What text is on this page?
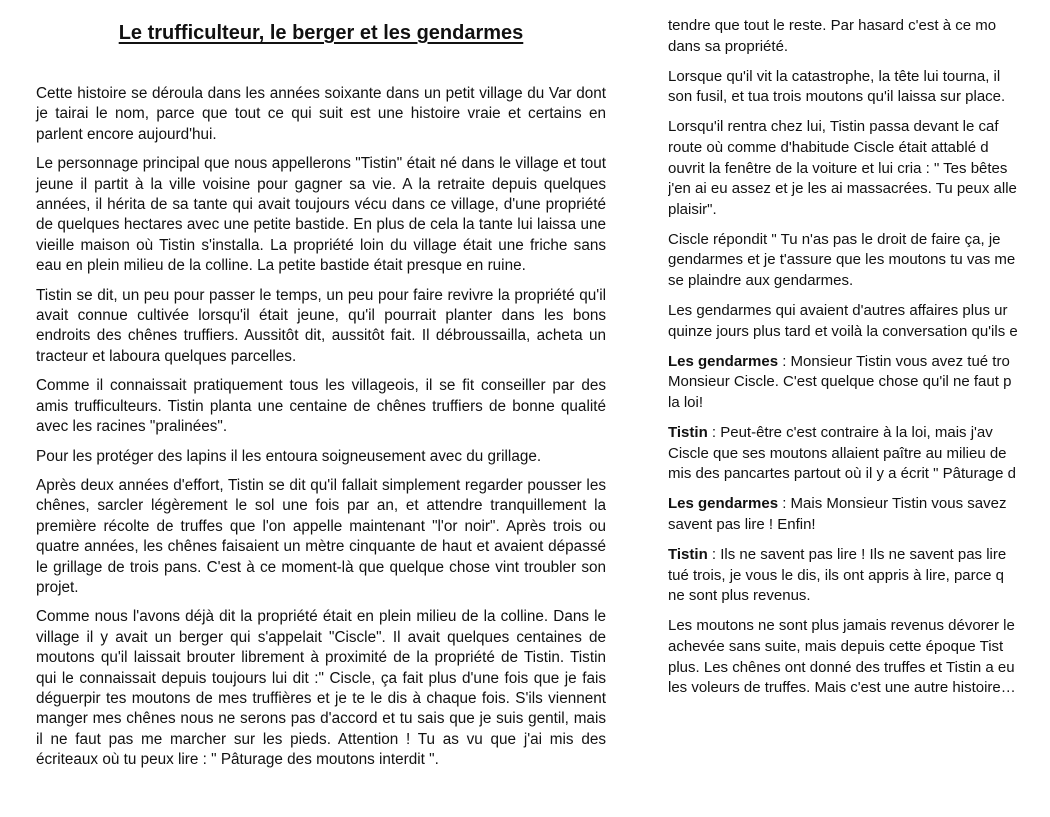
Le trufficulteur, le berger et les gendarmes

Cette histoire se déroula dans les années soixante dans un petit village du Var dont je tairai le nom, parce que tout ce qui suit est une histoire vraie et certains en parlent encore aujourd'hui.

Le personnage principal que nous appellerons "Tistin" était né dans le village et tout jeune il partit à la ville voisine pour gagner sa vie. A la retraite depuis quelques années, il hérita de sa tante qui avait toujours vécu dans ce village, d'une propriété de quelques hectares avec une petite bastide. En plus de cela la tante lui laissa une vieille maison où Tistin s'installa. La propriété loin du village était une friche sans eau en plein milieu de la colline. La petite bastide était presque en ruine.

Tistin se dit, un peu pour passer le temps, un peu pour faire revivre la propriété qu'il avait connue cultivée lorsqu'il était jeune, qu'il pourrait planter dans les bons endroits des chênes truffiers. Aussitôt dit, aussitôt fait. Il débroussailla, acheta un tracteur et laboura quelques parcelles.

Comme il connaissait pratiquement tous les villageois, il se fit conseiller par des amis trufficulteurs. Tistin planta une centaine de chênes truffiers de bonne qualité avec les racines "pralinées".

Pour les protéger des lapins il les entoura soigneusement avec du grillage.

Après deux années d'effort, Tistin se dit qu'il fallait simplement regarder pousser les chênes, sarcler légèrement le sol une fois par an, et attendre tranquillement la première récolte de truffes que l'on appelle maintenant "l'or noir". Après trois ou quatre années, les chênes faisaient un mètre cinquante de haut et avaient dépassé le grillage de trois pans. C'est à ce moment-là que quelque chose vint troubler son projet.

Comme nous l'avons déjà dit la propriété était en plein milieu de la colline. Dans le village il y avait un berger qui s'appelait "Ciscle". Il avait quelques centaines de moutons qu'il laissait brouter librement à proximité de la propriété de Tistin. Tistin qui le connaissait depuis toujours lui dit :" Ciscle, ça fait plus d'une fois que je fais déguerpir tes moutons de mes truffières et je te le dis à chaque fois. S'ils viennent manger mes chênes nous ne serons pas d'accord et tu sais que je suis gentil, mais il ne faut pas me marcher sur les pieds. Attention ! Tu as vu que j'ai mis des écriteaux où tu peux lire : " Pâturage des moutons interdit ".

tendre que tout le reste. Par hasard c'est à ce mo
dans sa propriété.

Lorsque qu'il vit la catastrophe, la tête lui tourna, il
son fusil, et tua trois moutons qu'il laissa sur place.

Lorsqu'il rentra chez lui, Tistin passa devant le caf
route où comme d'habitude Ciscle était attablé d
ouvrit la fenêtre de la voiture et lui cria : " Tes bêtes
j'en ai eu assez et je les ai massacrées. Tu peux alle
plaisir".

Ciscle répondit " Tu n'as pas le droit de faire ça, je
gendarmes et je t'assure que les moutons tu vas me
se plaindre aux gendarmes.

Les gendarmes qui avaient d'autres affaires plus ur
quinze jours plus tard et voilà la conversation qu'ils e

Les gendarmes : Monsieur Tistin vous avez tué tro
Monsieur Ciscle. C'est quelque chose qu'il ne faut p
la loi!

Tistin : Peut-être c'est contraire à la loi, mais j'av
Ciscle que ses moutons allaient paître au milieu de
mis des pancartes partout où il y a écrit " Pâturage d

Les gendarmes : Mais Monsieur Tistin vous savez
savent pas lire ! Enfin!

Tistin : Ils ne savent pas lire ! Ils ne savent pas lire
tué trois, je vous le dis, ils ont appris à lire, parce q
ne sont plus revenus.

Les moutons ne sont plus jamais revenus dévorer le
achevée sans suite, mais depuis cette époque Tist
plus. Les chênes ont donné des truffes et Tistin a eu
les voleurs de truffes. Mais c'est une autre histoire…
